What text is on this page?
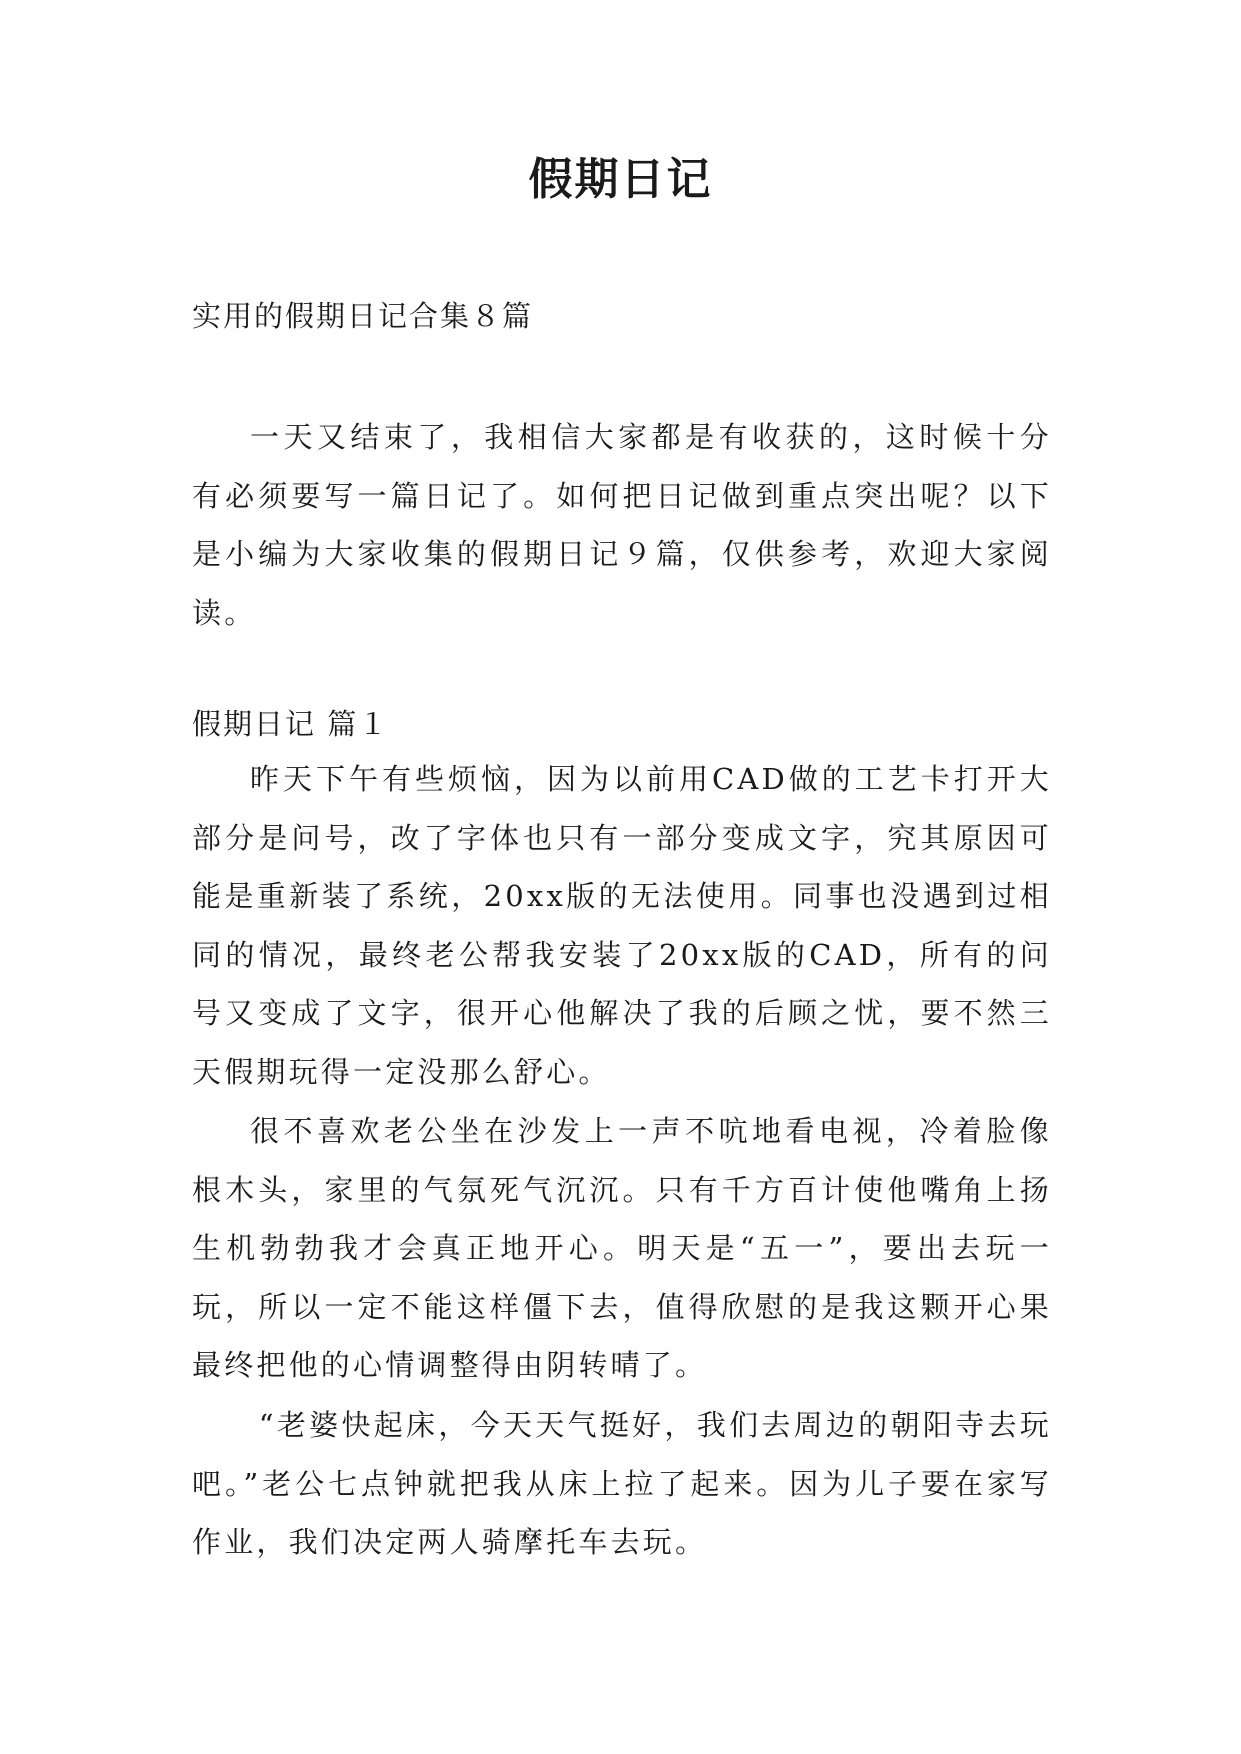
假期日记

实用的假期日记合集８篇

一天又结束了，我相信大家都是有收获的，这时候十分有必须要写一篇日记了。如何把日记做到重点突出呢？以下是小编为大家收集的假期日记９篇，仅供参考，欢迎大家阅读。

假期日记 篇１

昨天下午有些烦恼，因为以前用CAD做的工艺卡打开大部分是问号，改了字体也只有一部分变成文字，究其原因可能是重新装了系统，20xx版的无法使用。同事也没遇到过相同的情况，最终老公帮我安装了20xx版的CAD，所有的问号又变成了文字，很开心他解决了我的后顾之忧，要不然三天假期玩得一定没那么舒心。

很不喜欢老公坐在沙发上一声不吭地看电视，冷着脸像根木头，家里的气氛死气沉沉。只有千方百计使他嘴角上扬生机勃勃我才会真正地开心。明天是“五一”，要出去玩一玩，所以一定不能这样僵下去，值得欣慰的是我这颗开心果最终把他的心情调整得由阴转晴了。

“老婆快起床，今天天气挺好，我们去周边的朝阳寺去玩吧。”老公七点钟就把我从床上拉了起来。因为儿子要在家写作业，我们决定两人骑摩托车去玩。
